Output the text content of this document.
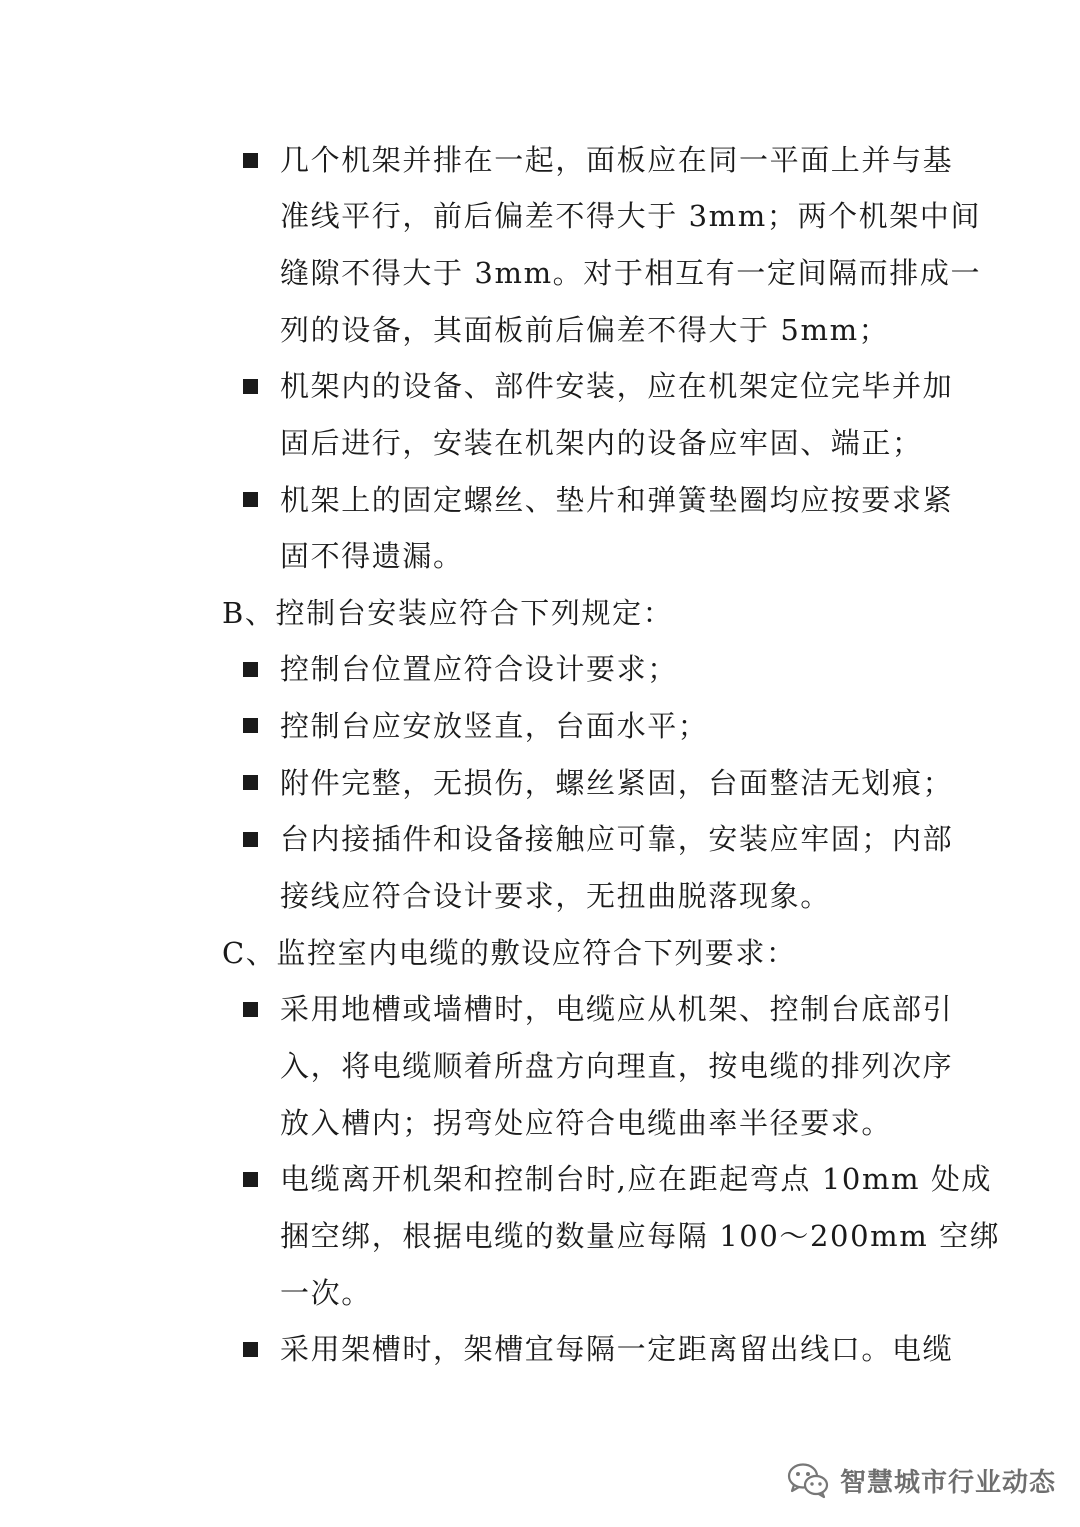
几个机架并排在一起，面板应在同一平面上并与基
准线平行，前后偏差不得大于 3mm；两个机架中间
缝隙不得大于 3mm。对于相互有一定间隔而排成一
列的设备，其面板前后偏差不得大于 5mm；
机架内的设备、部件安装，应在机架定位完毕并加
固后进行，安装在机架内的设备应牢固、端正；
机架上的固定螺丝、垫片和弹簧垫圈均应按要求紧
固不得遗漏。
B、控制台安装应符合下列规定：
控制台位置应符合设计要求；
控制台应安放竖直，台面水平；
附件完整，无损伤，螺丝紧固，台面整洁无划痕；
台内接插件和设备接触应可靠，安装应牢固；内部
接线应符合设计要求，无扭曲脱落现象。
C、监控室内电缆的敷设应符合下列要求：
采用地槽或墙槽时，电缆应从机架、控制台底部引
入，将电缆顺着所盘方向理直，按电缆的排列次序
放入槽内；拐弯处应符合电缆曲率半径要求。
电缆离开机架和控制台时,应在距起弯点 10mm 处成
捆空绑，根据电缆的数量应每隔 100～200mm 空绑
一次。
采用架槽时，架槽宜每隔一定距离留出线口。电缆
智慧城市行业动态
